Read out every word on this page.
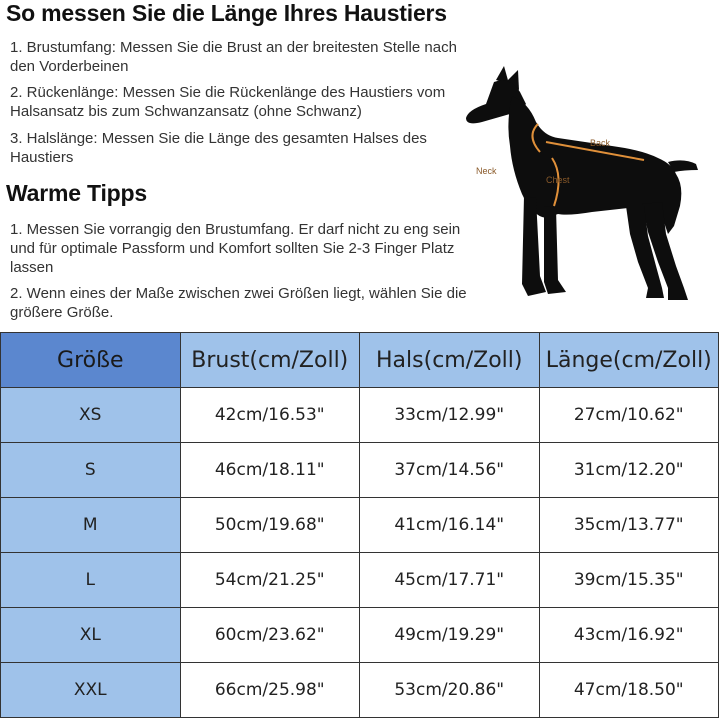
So messen Sie die Länge Ihres Haustiers
1. Brustumfang: Messen Sie die Brust an der breitesten Stelle nach den Vorderbeinen
2. Rückenlänge: Messen Sie die Rückenlänge des Haustiers vom Halsansatz bis zum Schwanzansatz (ohne Schwanz)
3. Halslänge: Messen Sie die Länge des gesamten Halses des Haustiers
Warme Tipps
1. Messen Sie vorrangig den Brustumfang. Er darf nicht zu eng sein und für optimale Passform und Komfort sollten Sie 2-3 Finger Platz lassen
2. Wenn eines der Maße zwischen zwei Größen liegt, wählen Sie die größere Größe.
Back
Neck
Chest
Größe	Brust(cm/Zoll)	Hals(cm/Zoll)	Länge(cm/Zoll)
XS	42cm/16.53"	33cm/12.99"	27cm/10.62"
S	46cm/18.11"	37cm/14.56"	31cm/12.20"
M	50cm/19.68"	41cm/16.14"	35cm/13.77"
L	54cm/21.25"	45cm/17.71"	39cm/15.35"
XL	60cm/23.62"	49cm/19.29"	43cm/16.92"
XXL	66cm/25.98"	53cm/20.86"	47cm/18.50"
